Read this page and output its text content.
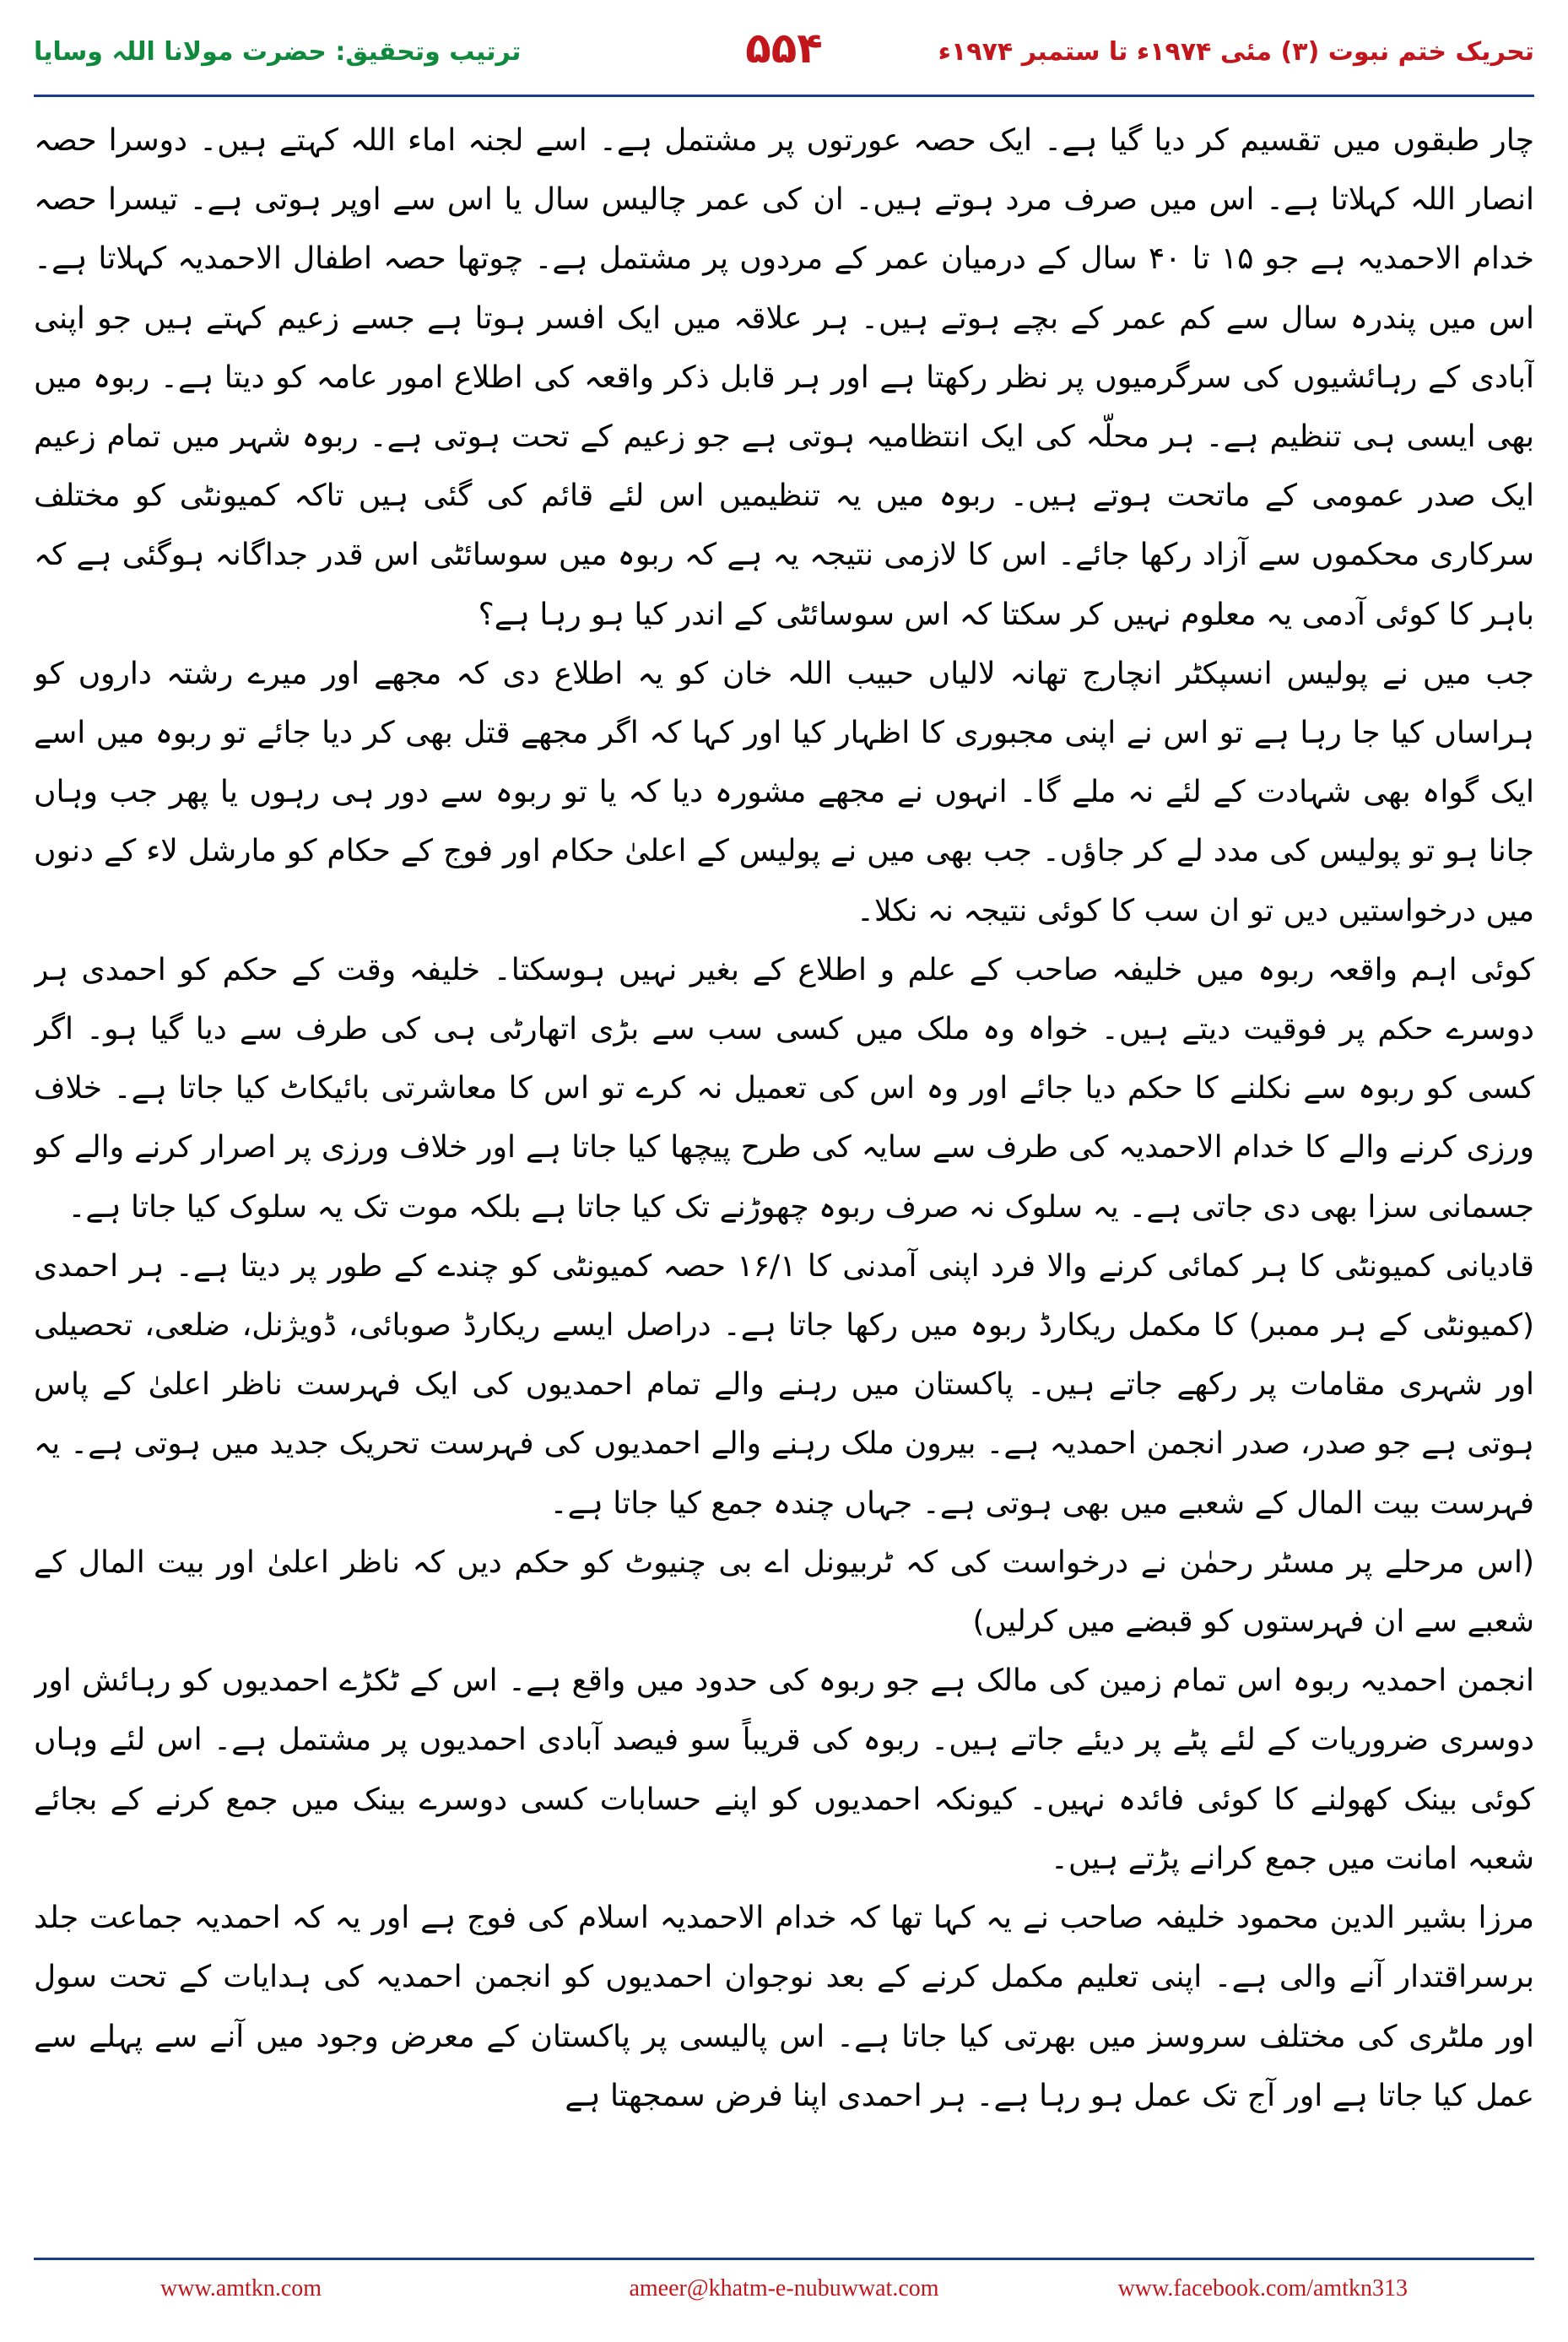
ترتیب وتحقیق: حضرت مولانا اللہ وسایا	۵۵۴	تحریک ختم نبوت (۳) مئی ۱۹۷۴ء تا ستمبر ۱۹۷۴ء

چار طبقوں میں تقسیم کر دیا گیا ہے۔ ایک حصہ عورتوں پر مشتمل ہے۔ اسے لجنہ اماء اللہ کہتے ہیں۔ دوسرا حصہ انصار اللہ کہلاتا ہے۔ اس میں صرف مرد ہوتے ہیں۔ ان کی عمر چالیس سال یا اس سے اوپر ہوتی ہے۔ تیسرا حصہ خدام الاحمدیہ ہے جو ۱۵ تا ۴۰ سال کے درمیان عمر کے مردوں پر مشتمل ہے۔ چوتھا حصہ اطفال الاحمدیہ کہلاتا ہے۔ اس میں پندرہ سال سے کم عمر کے بچے ہوتے ہیں۔ ہر علاقہ میں ایک افسر ہوتا ہے جسے زعیم کہتے ہیں جو اپنی آبادی کے رہائشیوں کی سرگرمیوں پر نظر رکھتا ہے اور ہر قابل ذکر واقعہ کی اطلاع امور عامہ کو دیتا ہے۔ ربوہ میں بھی ایسی ہی تنظیم ہے۔ ہر محلّہ کی ایک انتظامیہ ہوتی ہے جو زعیم کے تحت ہوتی ہے۔ ربوہ شہر میں تمام زعیم ایک صدر عمومی کے ماتحت ہوتے ہیں۔ ربوہ میں یہ تنظیمیں اس لئے قائم کی گئی ہیں تاکہ کمیونٹی کو مختلف سرکاری محکموں سے آزاد رکھا جائے۔ اس کا لازمی نتیجہ یہ ہے کہ ربوہ میں سوسائٹی اس قدر جداگانہ ہوگئی ہے کہ باہر کا کوئی آدمی یہ معلوم نہیں کر سکتا کہ اس سوسائٹی کے اندر کیا ہو رہا ہے؟

جب میں نے پولیس انسپکٹر انچارج تھانہ لالیاں حبیب اللہ خان کو یہ اطلاع دی کہ مجھے اور میرے رشتہ داروں کو ہراساں کیا جا رہا ہے تو اس نے اپنی مجبوری کا اظہار کیا اور کہا کہ اگر مجھے قتل بھی کر دیا جائے تو ربوہ میں اسے ایک گواہ بھی شہادت کے لئے نہ ملے گا۔ انہوں نے مجھے مشورہ دیا کہ یا تو ربوہ سے دور ہی رہوں یا پھر جب وہاں جانا ہو تو پولیس کی مدد لے کر جاؤں۔ جب بھی میں نے پولیس کے اعلیٰ حکام اور فوج کے حکام کو مارشل لاء کے دنوں میں درخواستیں دیں تو ان سب کا کوئی نتیجہ نہ نکلا۔

کوئی اہم واقعہ ربوہ میں خلیفہ صاحب کے علم و اطلاع کے بغیر نہیں ہوسکتا۔ خلیفہ وقت کے حکم کو احمدی ہر دوسرے حکم پر فوقیت دیتے ہیں۔ خواہ وہ ملک میں کسی سب سے بڑی اتھارٹی ہی کی طرف سے دیا گیا ہو۔ اگر کسی کو ربوہ سے نکلنے کا حکم دیا جائے اور وہ اس کی تعمیل نہ کرے تو اس کا معاشرتی بائیکاٹ کیا جاتا ہے۔ خلاف ورزی کرنے والے کا خدام الاحمدیہ کی طرف سے سایہ کی طرح پیچھا کیا جاتا ہے اور خلاف ورزی پر اصرار کرنے والے کو جسمانی سزا بھی دی جاتی ہے۔ یہ سلوک نہ صرف ربوہ چھوڑنے تک کیا جاتا ہے بلکہ موت تک یہ سلوک کیا جاتا ہے۔

قادیانی کمیونٹی کا ہر کمائی کرنے والا فرد اپنی آمدنی کا ۱۶/۱ حصہ کمیونٹی کو چندے کے طور پر دیتا ہے۔ ہر احمدی (کمیونٹی کے ہر ممبر) کا مکمل ریکارڈ ربوہ میں رکھا جاتا ہے۔ دراصل ایسے ریکارڈ صوبائی، ڈویژنل، ضلعی، تحصیلی اور شہری مقامات پر رکھے جاتے ہیں۔ پاکستان میں رہنے والے تمام احمدیوں کی ایک فہرست ناظر اعلیٰ کے پاس ہوتی ہے جو صدر، صدر انجمن احمدیہ ہے۔ بیرون ملک رہنے والے احمدیوں کی فہرست تحریک جدید میں ہوتی ہے۔ یہ فہرست بیت المال کے شعبے میں بھی ہوتی ہے۔ جہاں چندہ جمع کیا جاتا ہے۔

(اس مرحلے پر مسٹر رحمٰن نے درخواست کی کہ ٹربیونل اے بی چنیوٹ کو حکم دیں کہ ناظر اعلیٰ اور بیت المال کے شعبے سے ان فہرستوں کو قبضے میں کرلیں)

انجمن احمدیہ ربوہ اس تمام زمین کی مالک ہے جو ربوہ کی حدود میں واقع ہے۔ اس کے ٹکڑے احمدیوں کو رہائش اور دوسری ضروریات کے لئے پٹے پر دیئے جاتے ہیں۔ ربوہ کی قریباً سو فیصد آبادی احمدیوں پر مشتمل ہے۔ اس لئے وہاں کوئی بینک کھولنے کا کوئی فائدہ نہیں۔ کیونکہ احمدیوں کو اپنے حسابات کسی دوسرے بینک میں جمع کرنے کے بجائے شعبہ امانت میں جمع کرانے پڑتے ہیں۔

مرزا بشیر الدین محمود خلیفہ صاحب نے یہ کہا تھا کہ خدام الاحمدیہ اسلام کی فوج ہے اور یہ کہ احمدیہ جماعت جلد برسراقتدار آنے والی ہے۔ اپنی تعلیم مکمل کرنے کے بعد نوجوان احمدیوں کو انجمن احمدیہ کی ہدایات کے تحت سول اور ملٹری کی مختلف سروسز میں بھرتی کیا جاتا ہے۔ اس پالیسی پر پاکستان کے معرض وجود میں آنے سے پہلے سے عمل کیا جاتا ہے اور آج تک عمل ہو رہا ہے۔ ہر احمدی اپنا فرض سمجھتا ہے

www.amtkn.com	ameer@khatm-e-nubuwwat.com	www.facebook.com/amtkn313
